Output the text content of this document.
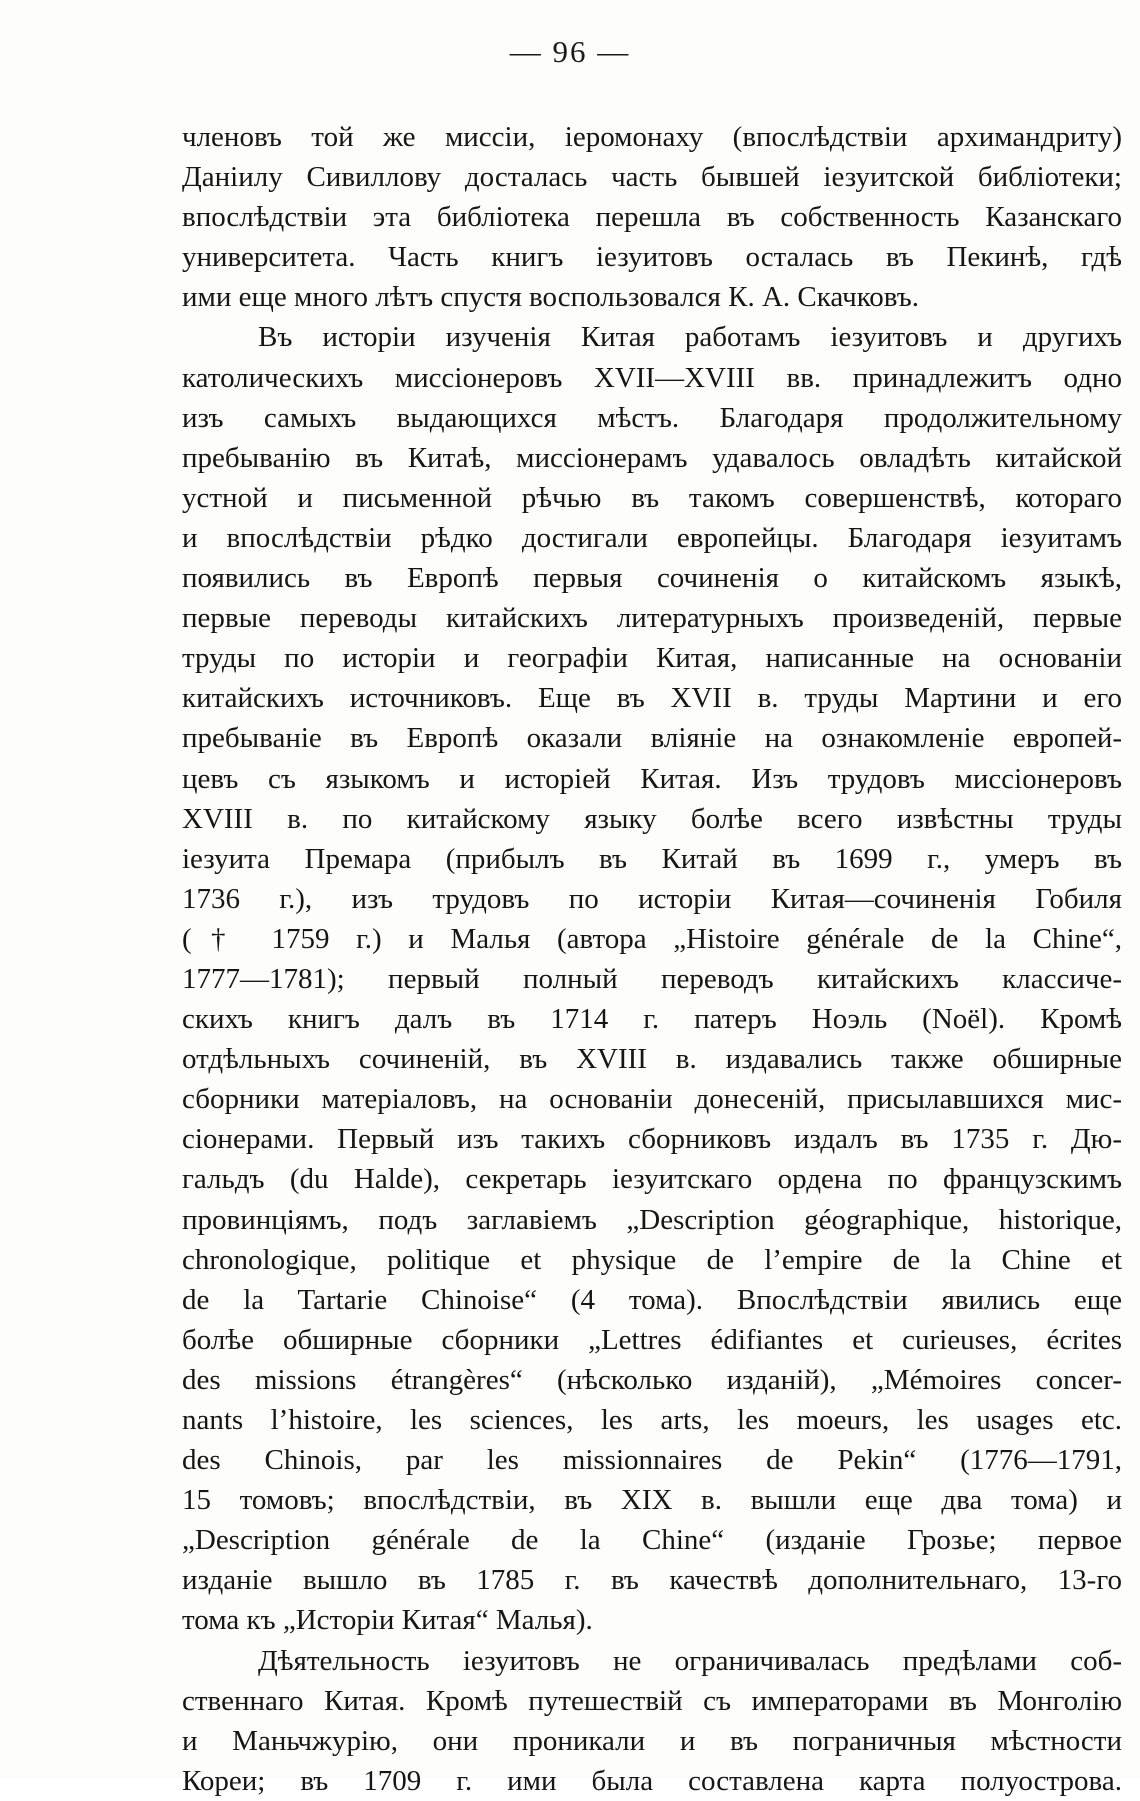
— 96 —
членовъ той же миссіи, іеромонаху (впослѣдствіи архимандриту)
Даніилу Сивиллову досталась часть бывшей іезуитской библіотеки;
впослѣдствіи эта библіотека перешла въ собственность Казанскаго
университета. Часть книгъ іезуитовъ осталась въ Пекинѣ, гдѣ
ими еще много лѣтъ спустя воспользовался К. А. Скачковъ.
Въ исторіи изученія Китая работамъ іезуитовъ и другихъ
католическихъ миссіонеровъ XVII—XVIII вв. принадлежитъ одно
изъ самыхъ выдающихся мѣстъ. Благодаря продолжительному
пребыванію въ Китаѣ, миссіонерамъ удавалось овладѣть китайской
устной и письменной рѣчью въ такомъ совершенствѣ, котораго
и впослѣдствіи рѣдко достигали европейцы. Благодаря іезуитамъ
появились въ Европѣ первыя сочиненія о китайскомъ языкѣ,
первые переводы китайскихъ литературныхъ произведеній, первые
труды по исторіи и географіи Китая, написанные на основаніи
китайскихъ источниковъ. Еще въ XVII в. труды Мартини и его
пребываніе въ Европѣ оказали вліяніе на ознакомленіе европей-
цевъ съ языкомъ и исторіей Китая. Изъ трудовъ миссіонеровъ
XVIII в. по китайскому языку болѣе всего извѣстны труды
іезуита Премара (прибылъ въ Китай въ 1699 г., умеръ въ
1736 г.), изъ трудовъ по исторіи Китая—сочиненія Гобиля
(† 1759 г.) и Малья (автора „Histoire générale de la Chine“,
1777—1781); первый полный переводъ китайскихъ классиче-
скихъ книгъ далъ въ 1714 г. патеръ Ноэль (Noël). Кромѣ
отдѣльныхъ сочиненій, въ XVIII в. издавались также обширные
сборники матеріаловъ, на основаніи донесеній, присылавшихся мис-
сіонерами. Первый изъ такихъ сборниковъ издалъ въ 1735 г. Дю-
гальдъ (du Halde), секретарь іезуитскаго ордена по французскимъ
провинціямъ, подъ заглавіемъ „Description géographique, historique,
chronologique, politique et physique de l’empire de la Chine et
de la Tartarie Chinoise“ (4 тома). Впослѣдствіи явились еще
болѣе обширные сборники „Lettres édifiantes et curieuses, écrites
des missions étrangères“ (нѣсколько изданій), „Mémoires concer-
nants l’histoire, les sciences, les arts, les moeurs, les usages etc.
des Chinois, par les missionnaires de Pekin“ (1776—1791,
15 томовъ; впослѣдствіи, въ XIX в. вышли еще два тома) и
„Description générale de la Chine“ (изданіе Грозье; первое
изданіе вышло въ 1785 г. въ качествѣ дополнительнаго, 13-го
тома къ „Исторіи Китая“ Малья).
Дѣятельность іезуитовъ не ограничивалась предѣлами соб-
ственнаго Китая. Кромѣ путешествій съ императорами въ Монголію
и Маньчжурію, они проникали и въ пограничныя мѣстности
Кореи; въ 1709 г. ими была составлена карта полуострова.
